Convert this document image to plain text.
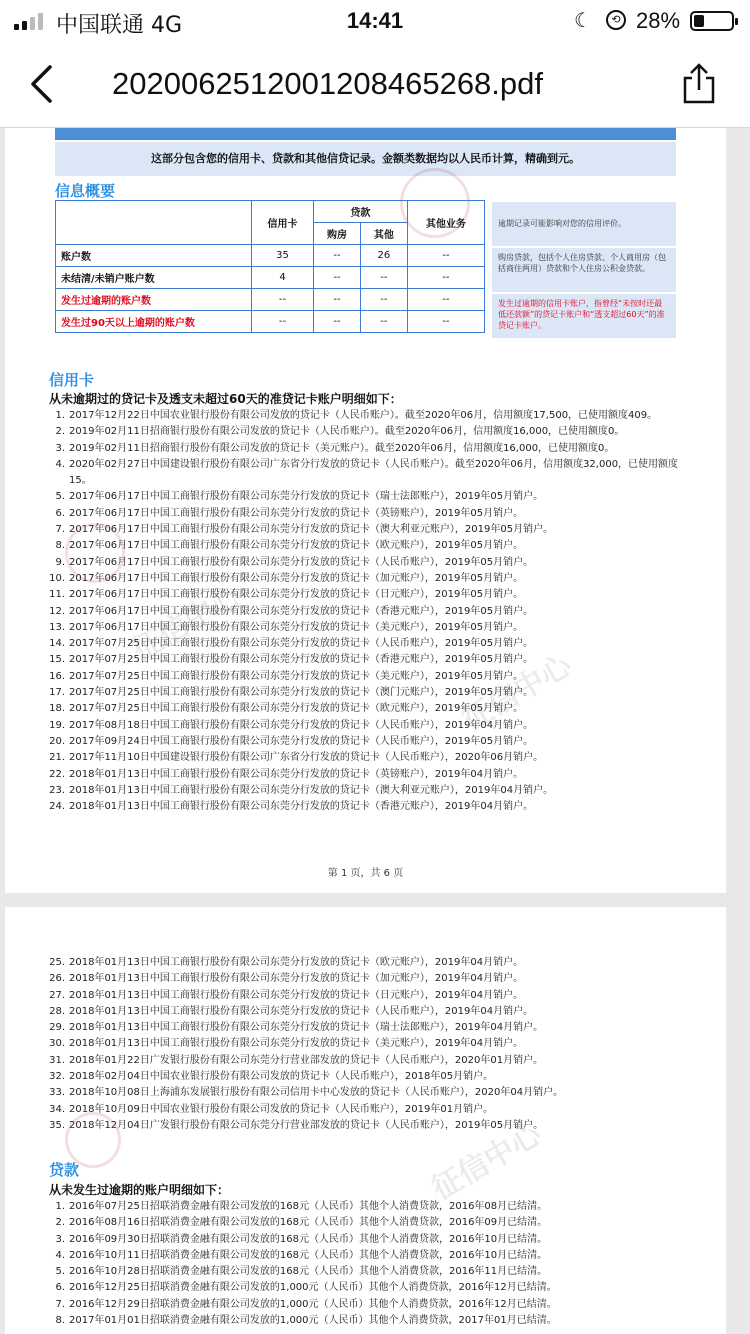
中国联通 4G	14:41	☾	⟲ 28%
2020062512001208465268.pdf
这部分包含您的信用卡、贷款和其他信贷记录。金额类数据均以人民币计算，精确到元。
信息概要
	信用卡	贷款		其他业务
		购房	其他	
账户数	35	--	26	--
未结清/未销户账户数	4	--	--	--
发生过逾期的账户数	--	--	--	--
发生过90天以上逾期的账户数	--	--	--	--
逾期记录可能影响对您的信用评价。
购房贷款，包括个人住房贷款、个人商用房（包括商住两用）贷款和个人住房公积金贷款。
发生过逾期的信用卡账户，指曾经“未按时还最低还款额”的贷记卡账户和“透支超过60天”的准贷记卡账户。
信用卡
从未逾期过的贷记卡及透支未超过60天的准贷记卡账户明细如下：
1. 2017年12月22日中国农业银行股份有限公司发放的贷记卡（人民币账户）。截至2020年06月，信用额度17,500，已使用额度409。
2. 2019年02月11日招商银行股份有限公司发放的贷记卡（人民币账户）。截至2020年06月，信用额度16,000，已使用额度0。
3. 2019年02月11日招商银行股份有限公司发放的贷记卡（美元账户）。截至2020年06月，信用额度16,000，已使用额度0。
4. 2020年02月27日中国建设银行股份有限公司广东省分行发放的贷记卡（人民币账户）。截至2020年06月，信用额度32,000，已使用额度15。
5. 2017年06月17日中国工商银行股份有限公司东莞分行发放的贷记卡（瑞士法郎账户），2019年05月销户。
6. 2017年06月17日中国工商银行股份有限公司东莞分行发放的贷记卡（英镑账户），2019年05月销户。
7. 2017年06月17日中国工商银行股份有限公司东莞分行发放的贷记卡（澳大利亚元账户），2019年05月销户。
8. 2017年06月17日中国工商银行股份有限公司东莞分行发放的贷记卡（欧元账户），2019年05月销户。
9. 2017年06月17日中国工商银行股份有限公司东莞分行发放的贷记卡（人民币账户），2019年05月销户。
10. 2017年06月17日中国工商银行股份有限公司东莞分行发放的贷记卡（加元账户），2019年05月销户。
11. 2017年06月17日中国工商银行股份有限公司东莞分行发放的贷记卡（日元账户），2019年05月销户。
12. 2017年06月17日中国工商银行股份有限公司东莞分行发放的贷记卡（香港元账户），2019年05月销户。
13. 2017年06月17日中国工商银行股份有限公司东莞分行发放的贷记卡（美元账户），2019年05月销户。
14. 2017年07月25日中国工商银行股份有限公司东莞分行发放的贷记卡（人民币账户），2019年05月销户。
15. 2017年07月25日中国工商银行股份有限公司东莞分行发放的贷记卡（香港元账户），2019年05月销户。
16. 2017年07月25日中国工商银行股份有限公司东莞分行发放的贷记卡（美元账户），2019年05月销户。
17. 2017年07月25日中国工商银行股份有限公司东莞分行发放的贷记卡（澳门元账户），2019年05月销户。
18. 2017年07月25日中国工商银行股份有限公司东莞分行发放的贷记卡（欧元账户），2019年05月销户。
19. 2017年08月18日中国工商银行股份有限公司东莞分行发放的贷记卡（人民币账户），2019年04月销户。
20. 2017年09月24日中国工商银行股份有限公司东莞分行发放的贷记卡（人民币账户），2019年05月销户。
21. 2017年11月10日中国建设银行股份有限公司广东省分行发放的贷记卡（人民币账户），2020年06月销户。
22. 2018年01月13日中国工商银行股份有限公司东莞分行发放的贷记卡（英镑账户），2019年04月销户。
23. 2018年01月13日中国工商银行股份有限公司东莞分行发放的贷记卡（澳大利亚元账户），2019年04月销户。
24. 2018年01月13日中国工商银行股份有限公司东莞分行发放的贷记卡（香港元账户），2019年04月销户。
第 1 页，共 6 页
征信中心
征信中心
25. 2018年01月13日中国工商银行股份有限公司东莞分行发放的贷记卡（欧元账户），2019年04月销户。
26. 2018年01月13日中国工商银行股份有限公司东莞分行发放的贷记卡（加元账户），2019年04月销户。
27. 2018年01月13日中国工商银行股份有限公司东莞分行发放的贷记卡（日元账户），2019年04月销户。
28. 2018年01月13日中国工商银行股份有限公司东莞分行发放的贷记卡（人民币账户），2019年04月销户。
29. 2018年01月13日中国工商银行股份有限公司东莞分行发放的贷记卡（瑞士法郎账户），2019年04月销户。
30. 2018年01月13日中国工商银行股份有限公司东莞分行发放的贷记卡（美元账户），2019年04月销户。
31. 2018年01月22日广发银行股份有限公司东莞分行营业部发放的贷记卡（人民币账户），2020年01月销户。
32. 2018年02月04日中国农业银行股份有限公司发放的贷记卡（人民币账户），2018年05月销户。
33. 2018年10月08日上海浦东发展银行股份有限公司信用卡中心发放的贷记卡（人民币账户），2020年04月销户。
34. 2018年10月09日中国农业银行股份有限公司发放的贷记卡（人民币账户），2019年01月销户。
35. 2018年12月04日广发银行股份有限公司东莞分行营业部发放的贷记卡（人民币账户），2019年05月销户。
贷款
从未发生过逾期的账户明细如下：
1. 2016年07月25日招联消费金融有限公司发放的168元（人民币）其他个人消费贷款，2016年08月已结清。
2. 2016年08月16日招联消费金融有限公司发放的168元（人民币）其他个人消费贷款，2016年09月已结清。
3. 2016年09月30日招联消费金融有限公司发放的168元（人民币）其他个人消费贷款，2016年10月已结清。
4. 2016年10月11日招联消费金融有限公司发放的168元（人民币）其他个人消费贷款，2016年10月已结清。
5. 2016年10月28日招联消费金融有限公司发放的168元（人民币）其他个人消费贷款，2016年11月已结清。
6. 2016年12月25日招联消费金融有限公司发放的1,000元（人民币）其他个人消费贷款，2016年12月已结清。
7. 2016年12月29日招联消费金融有限公司发放的1,000元（人民币）其他个人消费贷款，2016年12月已结清。
8. 2017年01月01日招联消费金融有限公司发放的1,000元（人民币）其他个人消费贷款，2017年01月已结清。
征信中心
